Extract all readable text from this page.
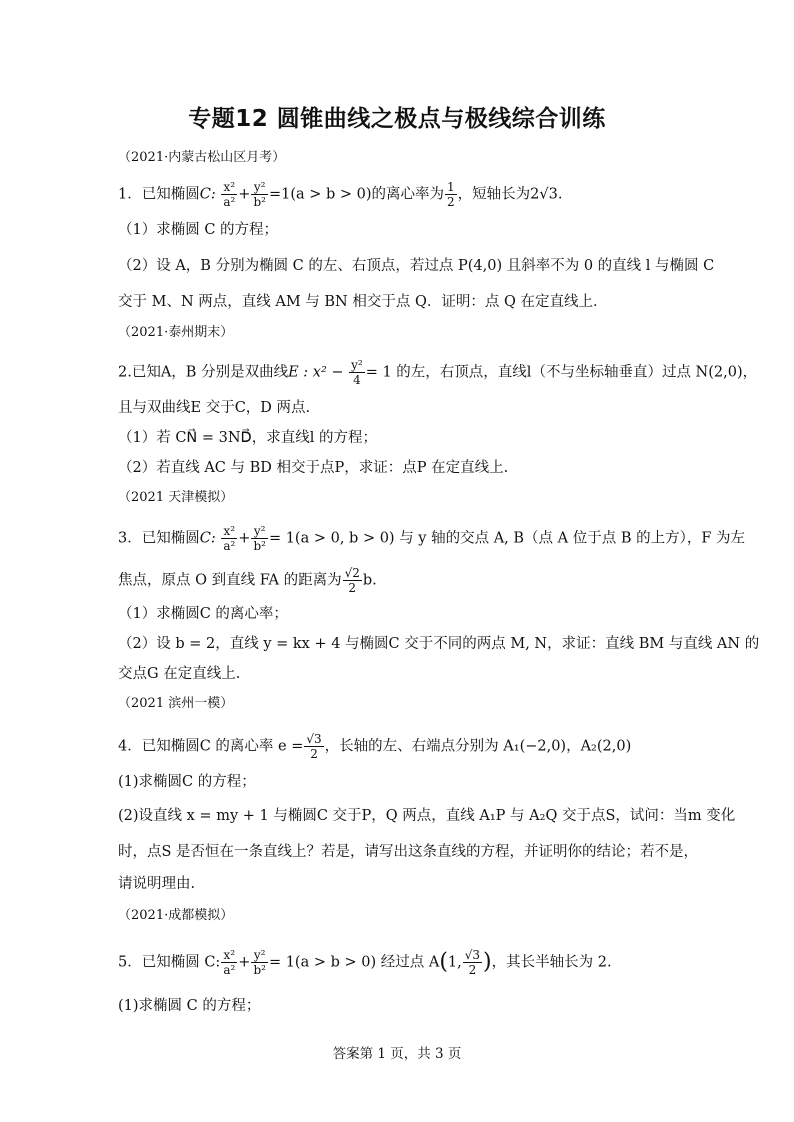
专题12 圆锥曲线之极点与极线综合训练
（2021·内蒙古松山区月考）
1．已知椭圆C: $\frac{\text{x²}}{\text{a²}} + \frac{\text{y²}}{\text{b²}} =1(a > b > 0)$的离心率为 $\frac{1}{2}$ ，短轴长为2√3.
（1）求椭圆 C 的方程；
（2）设 A，B 分别为椭圆 C 的左、右顶点，若过点 P(4,0) 且斜率不为 0 的直线 l 与椭圆 C
交于 M、N 两点，直线 AM 与 BN 相交于点 Q．证明：点 Q 在定直线上．
（2021·泰州期末）
2.已知A，B 分别是双曲线E : $x^2 - \frac{\text{y²}}{4} = 1$ 的左，右顶点，直线l（不与坐标轴垂直）过点 N(2,0)，
且与双曲线E 交于C，D 两点.
（1）若 CN⃗ = 3ND⃗，求直线l 的方程；
（2）若直线 AC 与 BD 相交于点P，求证：点P 在定直线上.
（2021 天津模拟）
3．已知椭圆C: $\frac{\text{x²}}{\text{a²}} + \frac{\text{y²}}{\text{b²}} = 1(a > 0$, b > 0) 与 y 轴的交点 A, B（点 A 位于点 B 的上方），F 为左
焦点，原点 O 到直线 FA 的距离为 $\frac{√2}{2} b$.
（1）求椭圆C 的离心率；
（2）设 b = 2，直线 y = kx + 4 与椭圆C 交于不同的两点 M, N，求证：直线 BM 与直线 AN 的
交点G 在定直线上.
（2021 滨州一模）
4．已知椭圆C 的离心率 $e = \frac{√3}{2}$ ，长轴的左、右端点分别为 A₁(−2,0)，A₂(2,0)
(1)求椭圆C 的方程；
(2)设直线 x = my + 1 与椭圆C 交于P，Q 两点，直线 A₁P 与 A₂Q 交于点S，试问：当m 变化
时，点S 是否恒在一条直线上？若是，请写出这条直线的方程，并证明你的结论；若不是，
请说明理由.
（2021·成都模拟）
5．已知椭圆 C: $\frac{\text{x²}}{\text{a²}} + \frac{\text{y²}}{\text{b²}} = 1(a > b > 0)$ 经过点 A(1, $\frac{√3}{2}$ )，其长半轴长为 2.
(1)求椭圆 C 的方程；
答案第 1 页，共 3 页
